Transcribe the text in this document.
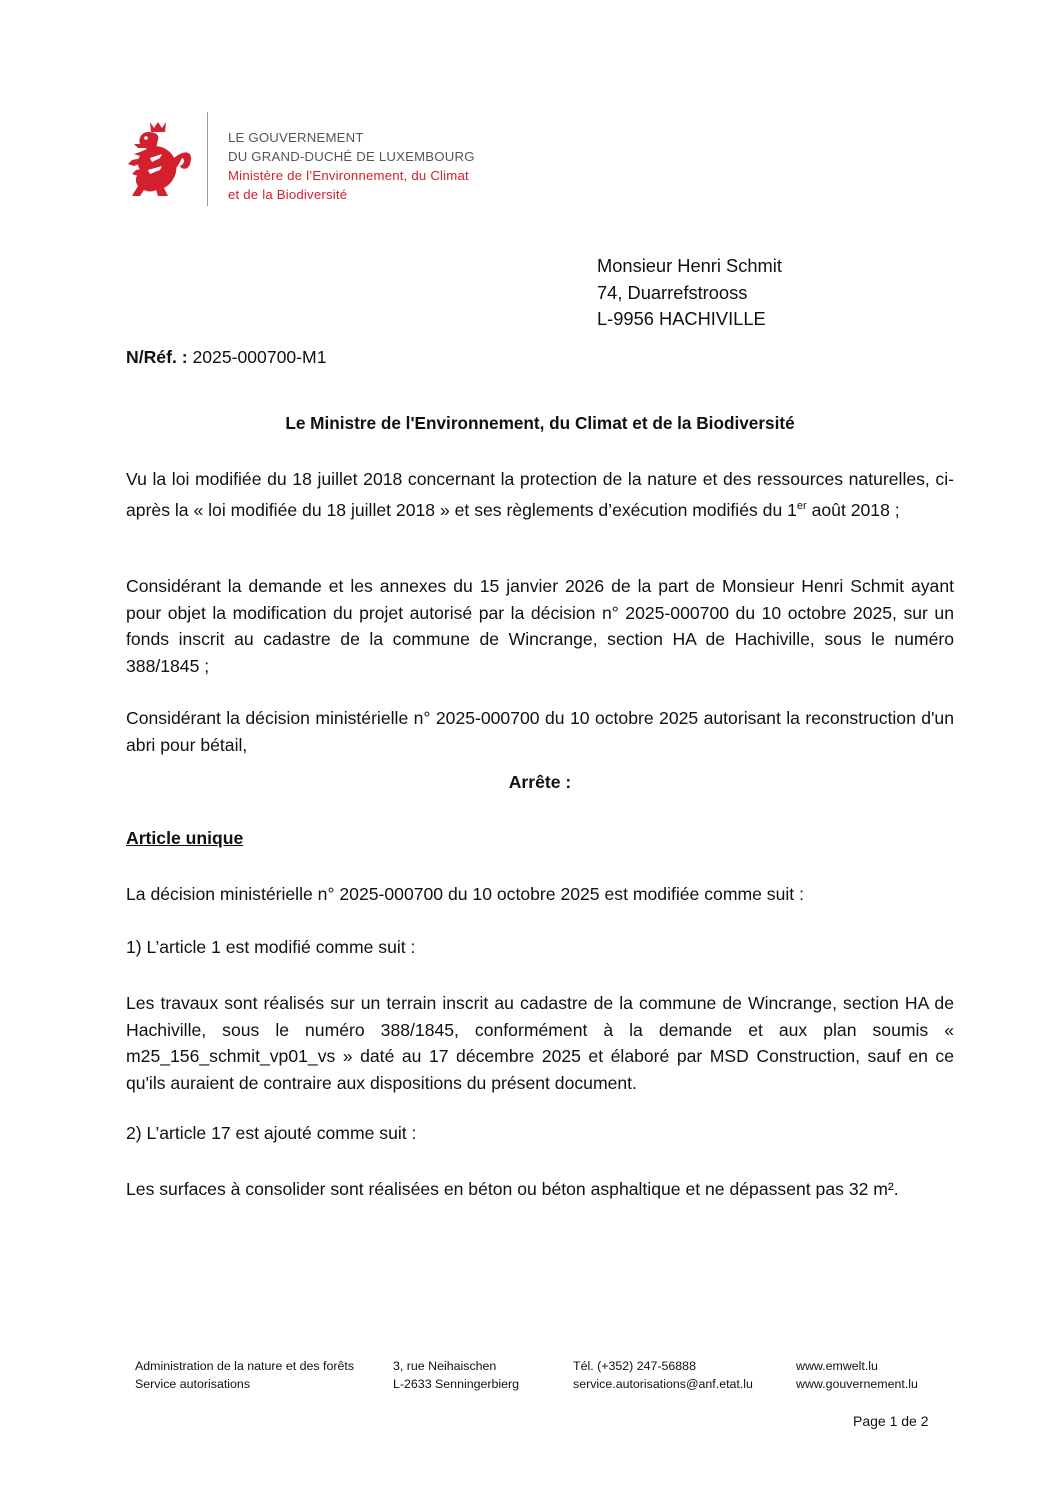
LE GOUVERNEMENT
DU GRAND-DUCHÉ DE LUXEMBOURG
Ministère de l’Environnement, du Climat
et de la Biodiversité
Monsieur Henri Schmit
74, Duarrefstrooss
L-9956 HACHIVILLE
N/Réf. : 2025-000700-M1
Le Ministre de l'Environnement, du Climat et de la Biodiversité
Vu la loi modifiée du 18 juillet 2018 concernant la protection de la nature et des ressources naturelles, ci-après la « loi modifiée du 18 juillet 2018 » et ses règlements d’exécution modifiés du 1er août 2018 ;
Considérant la demande et les annexes du 15 janvier 2026 de la part de Monsieur Henri Schmit ayant pour objet la modification du projet autorisé par la décision n° 2025-000700 du 10 octobre 2025, sur un fonds inscrit au cadastre de la commune de Wincrange, section HA de Hachiville, sous le numéro 388/1845 ;
Considérant la décision ministérielle n° 2025-000700 du 10 octobre 2025 autorisant la reconstruction d'un abri pour bétail,
Arrête :
Article unique
La décision ministérielle n° 2025-000700 du 10 octobre 2025 est modifiée comme suit :
1) L’article 1 est modifié comme suit :
Les travaux sont réalisés sur un terrain inscrit au cadastre de la commune de Wincrange, section HA de Hachiville, sous le numéro 388/1845, conformément à la demande et aux plan soumis « m25_156_schmit_vp01_vs » daté au 17 décembre 2025 et élaboré par MSD Construction, sauf en ce qu'ils auraient de contraire aux dispositions du présent document.
2) L’article 17 est ajouté comme suit :
Les surfaces à consolider sont réalisées en béton ou béton asphaltique et ne dépassent pas 32 m².
Administration de la nature et des forêts
Service autorisations
3, rue Neihaischen
L-2633 Senningerbierg
Tél. (+352) 247-56888
service.autorisations@anf.etat.lu
www.emwelt.lu
www.gouvernement.lu
Page 1 de 2
